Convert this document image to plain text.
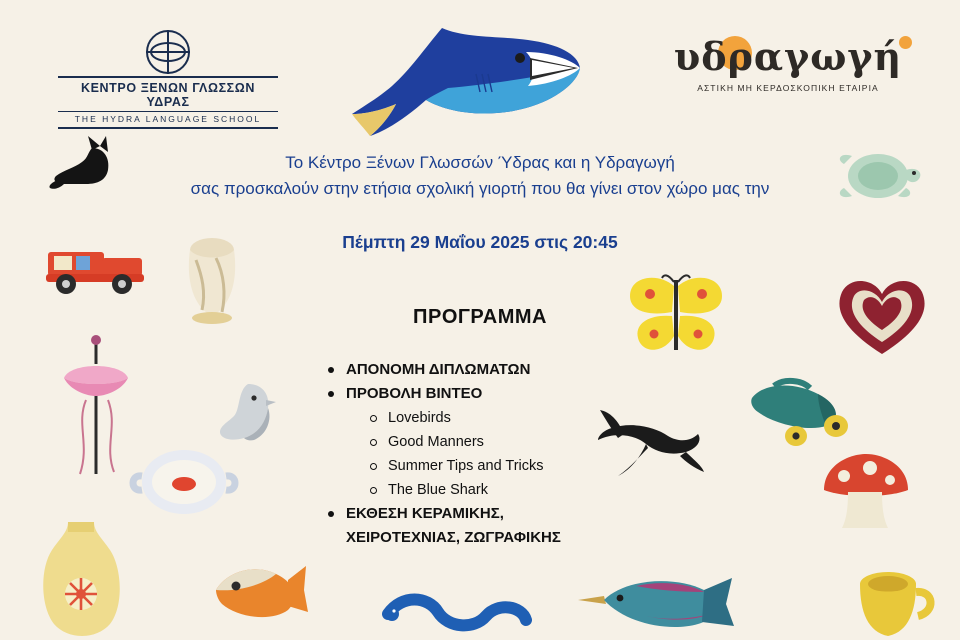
ΚΕΝΤΡΟ ΞΕΝΩΝ ΓΛΩΣΣΩΝ ΥΔΡΑΣ
THE HYDRA LANGUAGE SCHOOL
υδραγωγή
ΑΣΤΙΚΗ ΜΗ ΚΕΡΔΟΣΚΟΠΙΚΗ ΕΤΑΙΡΙΑ
Το Κέντρο Ξένων Γλωσσών Ύδρας και η Υδραγωγή
σας προσκαλούν στην ετήσια σχολική γιορτή που θα γίνει στον χώρο μας την
Πέμπτη 29 Μαΐου 2025 στις 20:45
ΠΡΟΓΡΑΜΜΑ
ΑΠΟΝΟΜΗ ΔΙΠΛΩΜΑΤΩΝ
ΠΡΟΒΟΛΗ ΒΙΝΤΕΟ
Lovebirds
Good Manners
Summer Tips and Tricks
The Blue Shark
ΕΚΘΕΣΗ ΚΕΡΑΜΙΚΗΣ,
ΧΕΙΡΟΤΕΧΝΙΑΣ, ΖΩΓΡΑΦΙΚΗΣ
